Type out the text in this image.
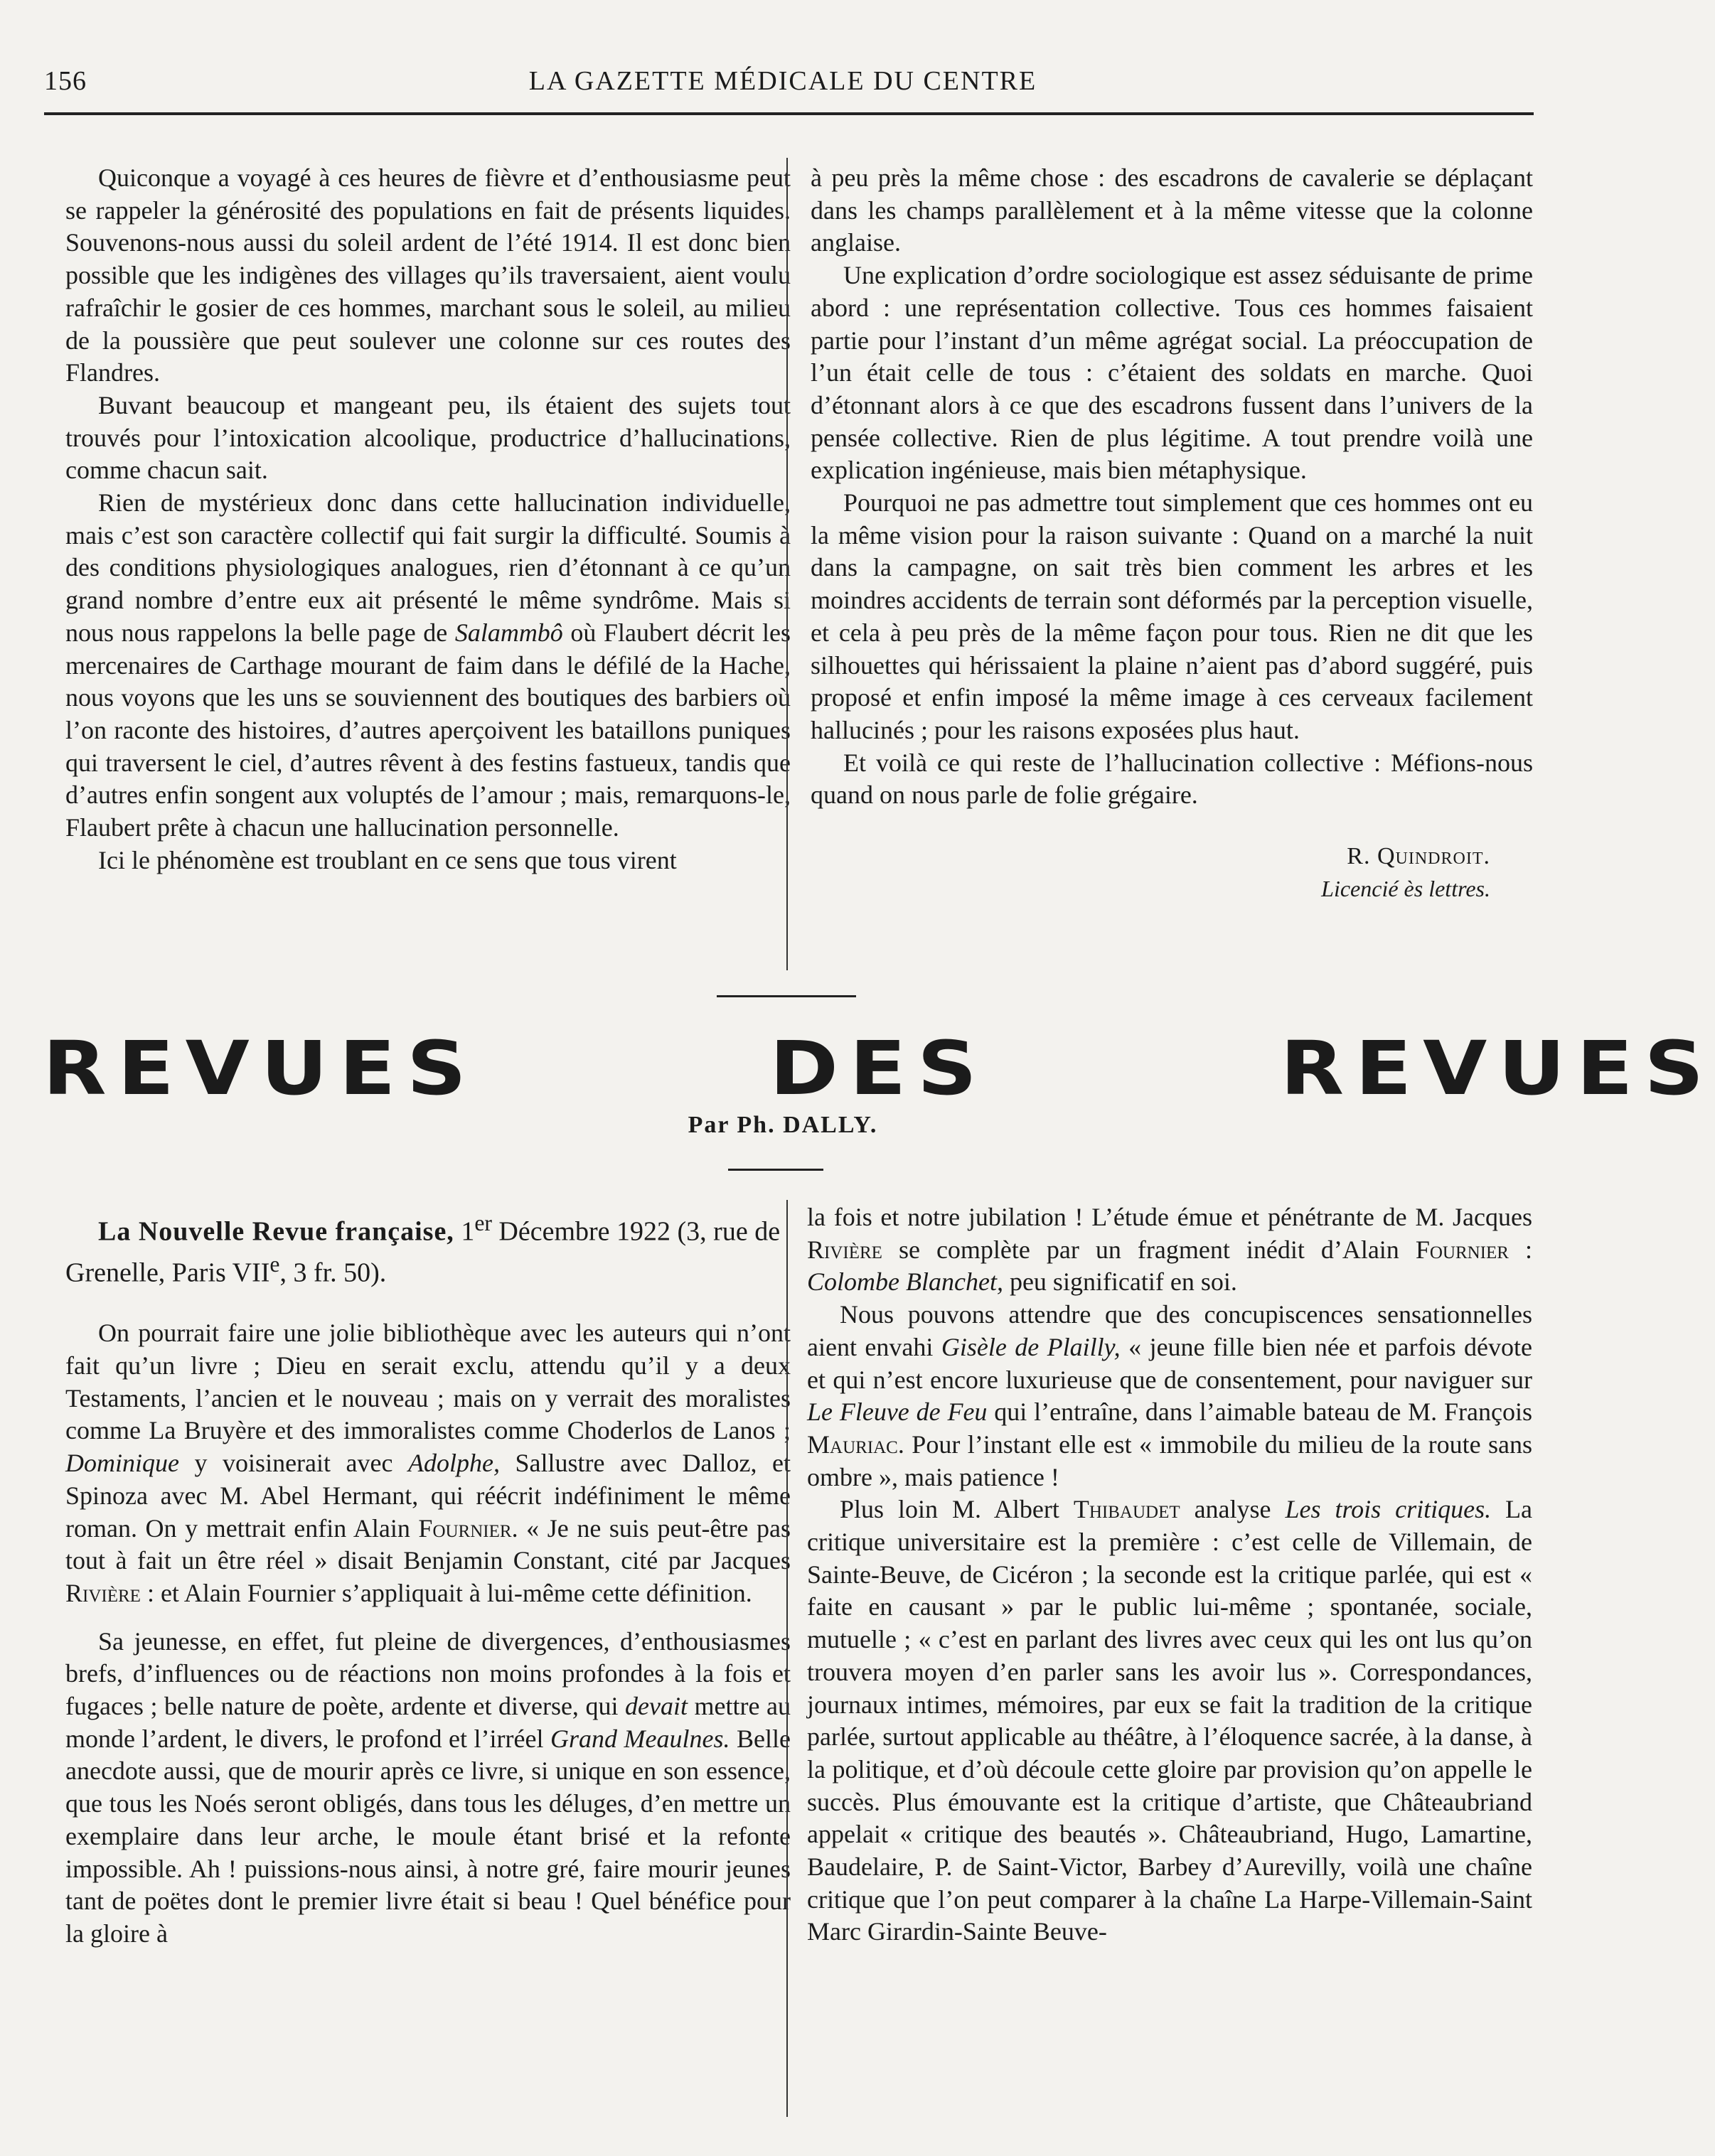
156	LA GAZETTE MÉDICALE DU CENTRE

Quiconque a voyagé à ces heures de fièvre et d’enthousiasme peut se rappeler la générosité des populations en fait de présents liquides. Souvenons-nous aussi du soleil ardent de l’été 1914. Il est donc bien possible que les indigènes des villages qu’ils traversaient, aient voulu rafraîchir le gosier de ces hommes, marchant sous le soleil, au milieu de la poussière que peut soulever une colonne sur ces routes des Flandres.

Buvant beaucoup et mangeant peu, ils étaient des sujets tout trouvés pour l’intoxication alcoolique, productrice d’hallucinations, comme chacun sait.

Rien de mystérieux donc dans cette hallucination individuelle, mais c’est son caractère collectif qui fait surgir la difficulté. Soumis à des conditions physiologiques analogues, rien d’étonnant à ce qu’un grand nombre d’entre eux ait présenté le même syndrôme. Mais si nous nous rappelons la belle page de Salammbô où Flaubert décrit les mercenaires de Carthage mourant de faim dans le défilé de la Hache, nous voyons que les uns se souviennent des boutiques des barbiers où l’on raconte des histoires, d’autres aperçoivent les bataillons puniques qui traversent le ciel, d’autres rêvent à des festins fastueux, tandis que d’autres enfin songent aux voluptés de l’amour ; mais, remarquons-le, Flaubert prête à chacun une hallucination personnelle.

Ici le phénomène est troublant en ce sens que tous virent

à peu près la même chose : des escadrons de cavalerie se déplaçant dans les champs parallèlement et à la même vitesse que la colonne anglaise.

Une explication d’ordre sociologique est assez séduisante de prime abord : une représentation collective. Tous ces hommes faisaient partie pour l’instant d’un même agrégat social. La préoccupation de l’un était celle de tous : c’étaient des soldats en marche. Quoi d’étonnant alors à ce que des escadrons fussent dans l’univers de la pensée collective. Rien de plus légitime. A tout prendre voilà une explication ingénieuse, mais bien métaphysique.

Pourquoi ne pas admettre tout simplement que ces hommes ont eu la même vision pour la raison suivante : Quand on a marché la nuit dans la campagne, on sait très bien comment les arbres et les moindres accidents de terrain sont déformés par la perception visuelle, et cela à peu près de la même façon pour tous. Rien ne dit que les silhouettes qui hérissaient la plaine n’aient pas d’abord suggéré, puis proposé et enfin imposé la même image à ces cerveaux facilement hallucinés ; pour les raisons exposées plus haut.

Et voilà ce qui reste de l’hallucination collective : Méfions-nous quand on nous parle de folie grégaire.

R. Quindroit.
Licencié ès lettres.
REVUES	DES	REVUES
Par Ph. DALLY.
La Nouvelle Revue française, 1er Décembre 1922 (3, rue de Grenelle, Paris VIIe, 3 fr. 50).

On pourrait faire une jolie bibliothèque avec les auteurs qui n’ont fait qu’un livre ; Dieu en serait exclu, attendu qu’il y a deux Testaments, l’ancien et le nouveau ; mais on y verrait des moralistes comme La Bruyère et des immoralistes comme Choderlos de Lanos ; Dominique y voisinerait avec Adolphe, Sallustre avec Dalloz, et Spinoza avec M. Abel Hermant, qui réécrit indéfiniment le même roman. On y mettrait enfin Alain Fournier. « Je ne suis peut-être pas tout à fait un être réel » disait Benjamin Constant, cité par Jacques Rivière : et Alain Fournier s’appliquait à lui-même cette définition.

Sa jeunesse, en effet, fut pleine de divergences, d’enthousiasmes brefs, d’influences ou de réactions non moins profondes à la fois et fugaces ; belle nature de poète, ardente et diverse, qui devait mettre au monde l’ardent, le divers, le profond et l’irréel Grand Meaulnes. Belle anecdote aussi, que de mourir après ce livre, si unique en son essence, que tous les Noés seront obligés, dans tous les déluges, d’en mettre un exemplaire dans leur arche, le moule étant brisé et la refonte impossible. Ah ! puissions-nous ainsi, à notre gré, faire mourir jeunes tant de poëtes dont le premier livre était si beau ! Quel bénéfice pour la gloire à

la fois et notre jubilation ! L’étude émue et pénétrante de M. Jacques Rivière se complète par un fragment inédit d’Alain Fournier : Colombe Blanchet, peu significatif en soi.

Nous pouvons attendre que des concupiscences sensationnelles aient envahi Gisèle de Plailly, « jeune fille bien née et parfois dévote et qui n’est encore luxurieuse que de consentement, pour naviguer sur Le Fleuve de Feu qui l’entraîne, dans l’aimable bateau de M. François Mauriac. Pour l’instant elle est « immobile du milieu de la route sans ombre », mais patience !

Plus loin M. Albert Thibaudet analyse Les trois critiques. La critique universitaire est la première : c’est celle de Villemain, de Sainte-Beuve, de Cicéron ; la seconde est la critique parlée, qui est « faite en causant » par le public lui-même ; spontanée, sociale, mutuelle ; « c’est en parlant des livres avec ceux qui les ont lus qu’on trouvera moyen d’en parler sans les avoir lus ». Correspondances, journaux intimes, mémoires, par eux se fait la tradition de la critique parlée, surtout applicable au théâtre, à l’éloquence sacrée, à la danse, à la politique, et d’où découle cette gloire par provision qu’on appelle le succès. Plus émouvante est la critique d’artiste, que Châteaubriand appelait « critique des beautés ». Châteaubriand, Hugo, Lamartine, Baudelaire, P. de Saint-Victor, Barbey d’Aurevilly, voilà une chaîne critique que l’on peut comparer à la chaîne La Harpe-Villemain-Saint Marc Girardin-Sainte Beuve-
